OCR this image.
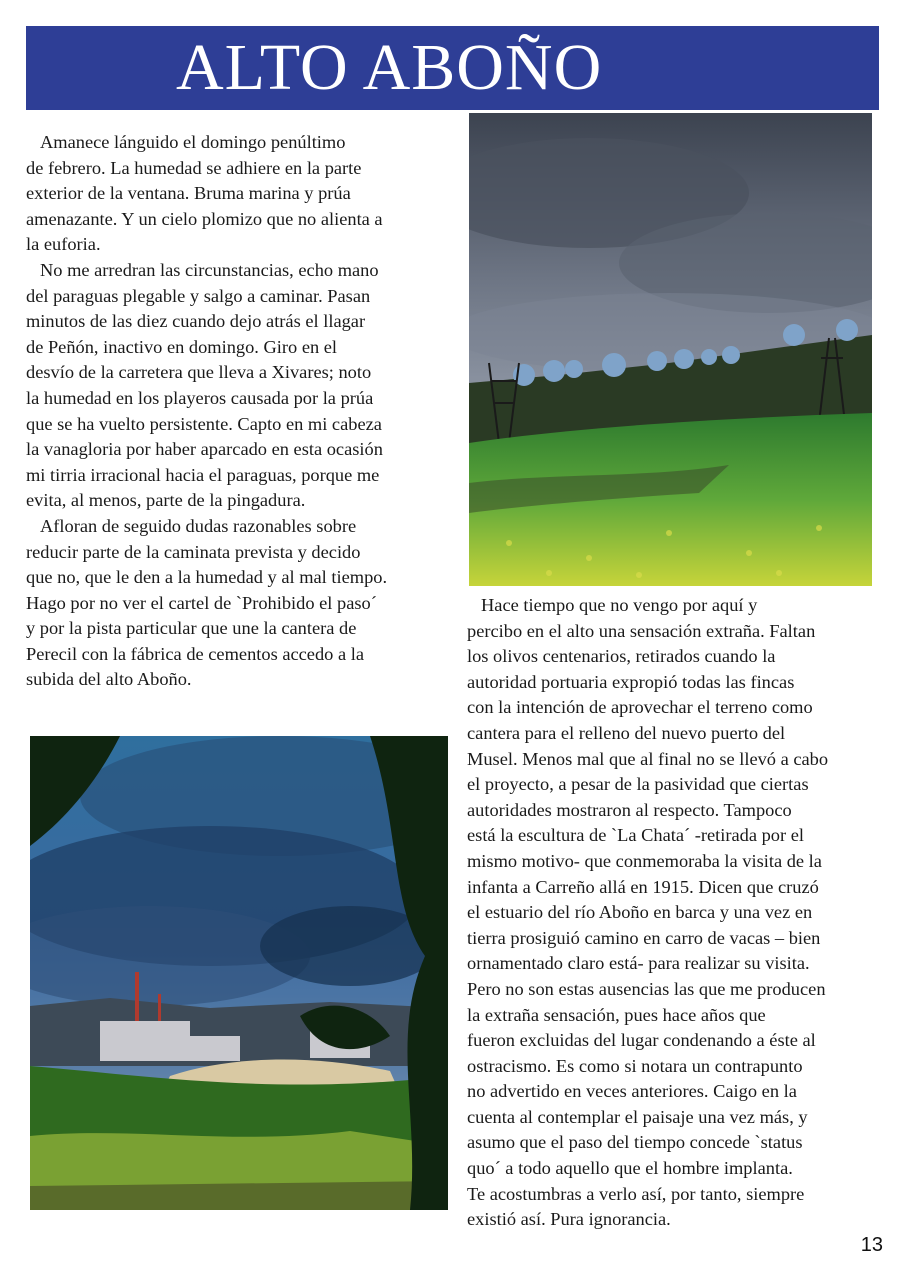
ALTO ABOÑO

Amanece lánguido el domingo penúltimo
de febrero. La humedad se adhiere en la parte
exterior de la ventana. Bruma marina y prúa
amenazante. Y un cielo plomizo que no alienta a
la euforia.

No me arredran las circunstancias, echo mano
del paraguas plegable y salgo a caminar. Pasan
minutos de las diez cuando dejo atrás el llagar
de Peñón, inactivo en domingo. Giro en el
desvío de la carretera que lleva a Xivares; noto
la humedad en los playeros causada por la prúa
que se ha vuelto persistente. Capto en mi cabeza
la vanagloria por haber aparcado en esta ocasión
mi tirria irracional hacia el paraguas, porque me
evita, al menos, parte de la pingadura.

Afloran de seguido dudas razonables sobre
reducir parte de la caminata prevista y decido
que no, que le den a la humedad y al mal tiempo.
Hago por no ver el cartel de `Prohibido el paso´
y por la pista particular que une la cantera de
Perecil con la fábrica de cementos accedo a la
subida del alto Aboño.

Hace tiempo que no vengo por aquí y
percibo en el alto una sensación extraña. Faltan
los olivos centenarios, retirados cuando la
autoridad portuaria expropió todas las fincas
con la intención de aprovechar el terreno como
cantera para el relleno del nuevo puerto del
Musel. Menos mal que al final no se llevó a cabo
el proyecto, a pesar de la pasividad que ciertas
autoridades mostraron al respecto. Tampoco
está la escultura de `La Chata´ -retirada por el
mismo motivo- que conmemoraba la visita de la
infanta a Carreño allá en 1915. Dicen que cruzó
el estuario del río Aboño en barca y una vez en
tierra prosiguió camino en carro de vacas – bien
ornamentado claro está- para realizar su visita.
Pero no son estas ausencias las que me producen
la extraña sensación, pues hace años que
fueron excluidas del lugar condenando a éste al
ostracismo. Es como si notara un contrapunto
no advertido en veces anteriores. Caigo en la
cuenta al contemplar el paisaje una vez más, y
asumo que el paso del tiempo concede `status
quo´ a todo aquello que el hombre implanta.
Te acostumbras a verlo así, por tanto, siempre
existió así. Pura ignorancia.

13
